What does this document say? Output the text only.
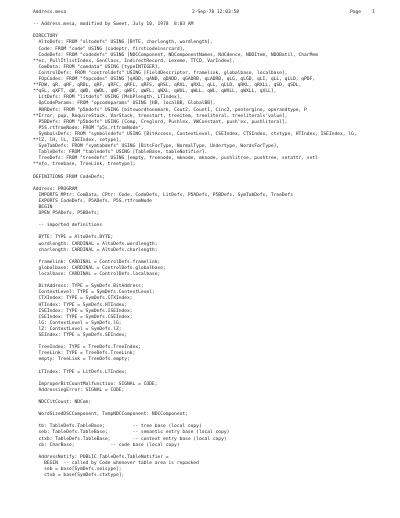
Address.mesa	2-Sep-78 12:03:58	Page    1
-- Address.mesa, modified by Sweet, July 10, 1978  8:03 AM
DIRECTORY
AltoDefs: FROM "altodefs" USING [BYTE, charlength, wordlength],
Code: FROM "code" USING [codeptr, firstcodeinsrcard],
CodeDefs: FROM "codedefs" USING [NDCComponent, NDComponentNames, NdCdence, NDDItem, NDOBatil, CharMem
**ez, PullItlistIndex, GenClass, IndirectRecord, Lexeme, TTCD, VarIndex],
ComData: FROM "comdata" USING [typeINTEGER],
ControlDefs: FROM "controldefs" USING [FieldDescriptor, framelink, globalbase, localbase],
FOpCodes: FROM "fopcodes" USING [qADD, qAND, qDADD, qGADRB, qLADRB, qLG, qLGD, qLI, qLL, qLLD, qPDF,
**FDW, qR, qRF, qRDL, qRF, qRFC, qRFL, qRFS, qRSL, qRXL, qRXL, qLL, qLLD, qRKL, qRXLL, qSD, qSDL,
**qSL, qXFT, qW, qWD, qWDL, qWF, qWFC, qWFL, qWXL, qWXL, qWLL, qWL, qWXLL, qWXLL, qXLL],
LitDefs: FROM "litdefs" USING [MsbPlength, LTIndex],
OpCodeParams: FROM "opcodeparams" USING [HB, localBB, GlobalBB],
PBRDefs: FROM "p5bdefs" USING [bitswordtonemark, Cout2, Count1, Cinc2, pentergine, operandtype, P
**Error, pop, RequireStack, VarStack, treestart, treeitem, treeliteral, treeliterals'value],
P5BDefs: FROM "p5bdefs" USING [Comp, Creglord, Pushlex, VWConstant, push'ex, pushliteral],
P5S.rtfromNode: FROM "p5s.rtfromNode",
SymbolsDefs: FROM "symbolsdefs" USING [BitAccess, ContextLevel, CSEIndex, CTSIndex, ctxtype, HTIndex, ISEIndex, lG,
**lZ, lH, lL, ISEIndex, setype],
SymTabDefs: FROM "symtabdefs" USING [BitsForType, NormalType, Undertype, WordsForType],
TableDefs: FROM "tabledefs" USING [TableBase, tableNotifier],
TreeDefs: FROM "treedefs" USING [empty, freenode, mknode, mknode, pushlitree, pushtree, setattr, setl
**nfo, treebase, TreeLink, treetype];
DEFINITIONS FROM CodeDefs;
Address: PROGRAM
IMPORTS MPtr: ComData, CPtr: Code, CodeDefs, LitDefs, P5ADefs, P5BDefs, SymTabDefs, TreeDefs
EXPORTS CodeDefs, P5ADefs, P5S.rtfromNode
BEGIN
OPEN P5ADefs, P5BDefs;
-- imported definitions
BYTE: TYPE = AltoDefs.BYTE;
wordlength: CARDINAL = AltoDefs.wordlength;
charlength: CARDINAL = AltoDefs.charlength;
framelink: CARDINAL = ControlDefs.framelink;
globalbase: CARDINAL = ControlDefs.globalbase;
localbase: CARDINAL = ControlDefs.localbase;
BitAddress: TYPE = SymDefs.BitAddress;
ContextLevel: TYPE = SymDefs.ContextLevel;
CTXIndex: TYPE = SymDefs.CTXIndex;
HTIndex: TYPE = SymDefs.HTIndex;
ISEIndex: TYPE = SymDefs.ISEIndex;
CSEIndex: TYPE = SymDefs.CSEIndex;
lG: ContextLevel = SymDefs.lG;
lZ: ContextLevel = SymDefs.lZ;
SEIndex: TYPE = SymDefs.SEIndex;
TreeIndex: TYPE = TreeDefs.TreeIndex;
TreeLink: TYPE = TreeDefs.TreeLink;
empty: TreeLink = TreeDefs.empty;
LTIndex: TYPE = LitDefs.LTIndex;
ImproperBitCountMalfunction: SIGNAL = CODE;
AddressingError: SIGNAL = CODE;
NDCCitCount: NDCom;
WordSizedDSCComponent, TempNDCComponent: NDCComponent;
tb: TableDefs.TableBase;          -- tree base (local copy)
seb: TableDefs.TableBase;         -- semantic entry base (local copy)
ctxb: TableDefs.TableBase;        -- context entry base (local copy)
cb: CharBase;             -- code base (local copy)
AddressNotify: PUBLIC TableDefs.TableNotifier =
BEGIN  -- called by Code whenever table area is repacked
seb = base[SymDefs.seisype];
ctxb = base[SymDefs.ctxtype];
